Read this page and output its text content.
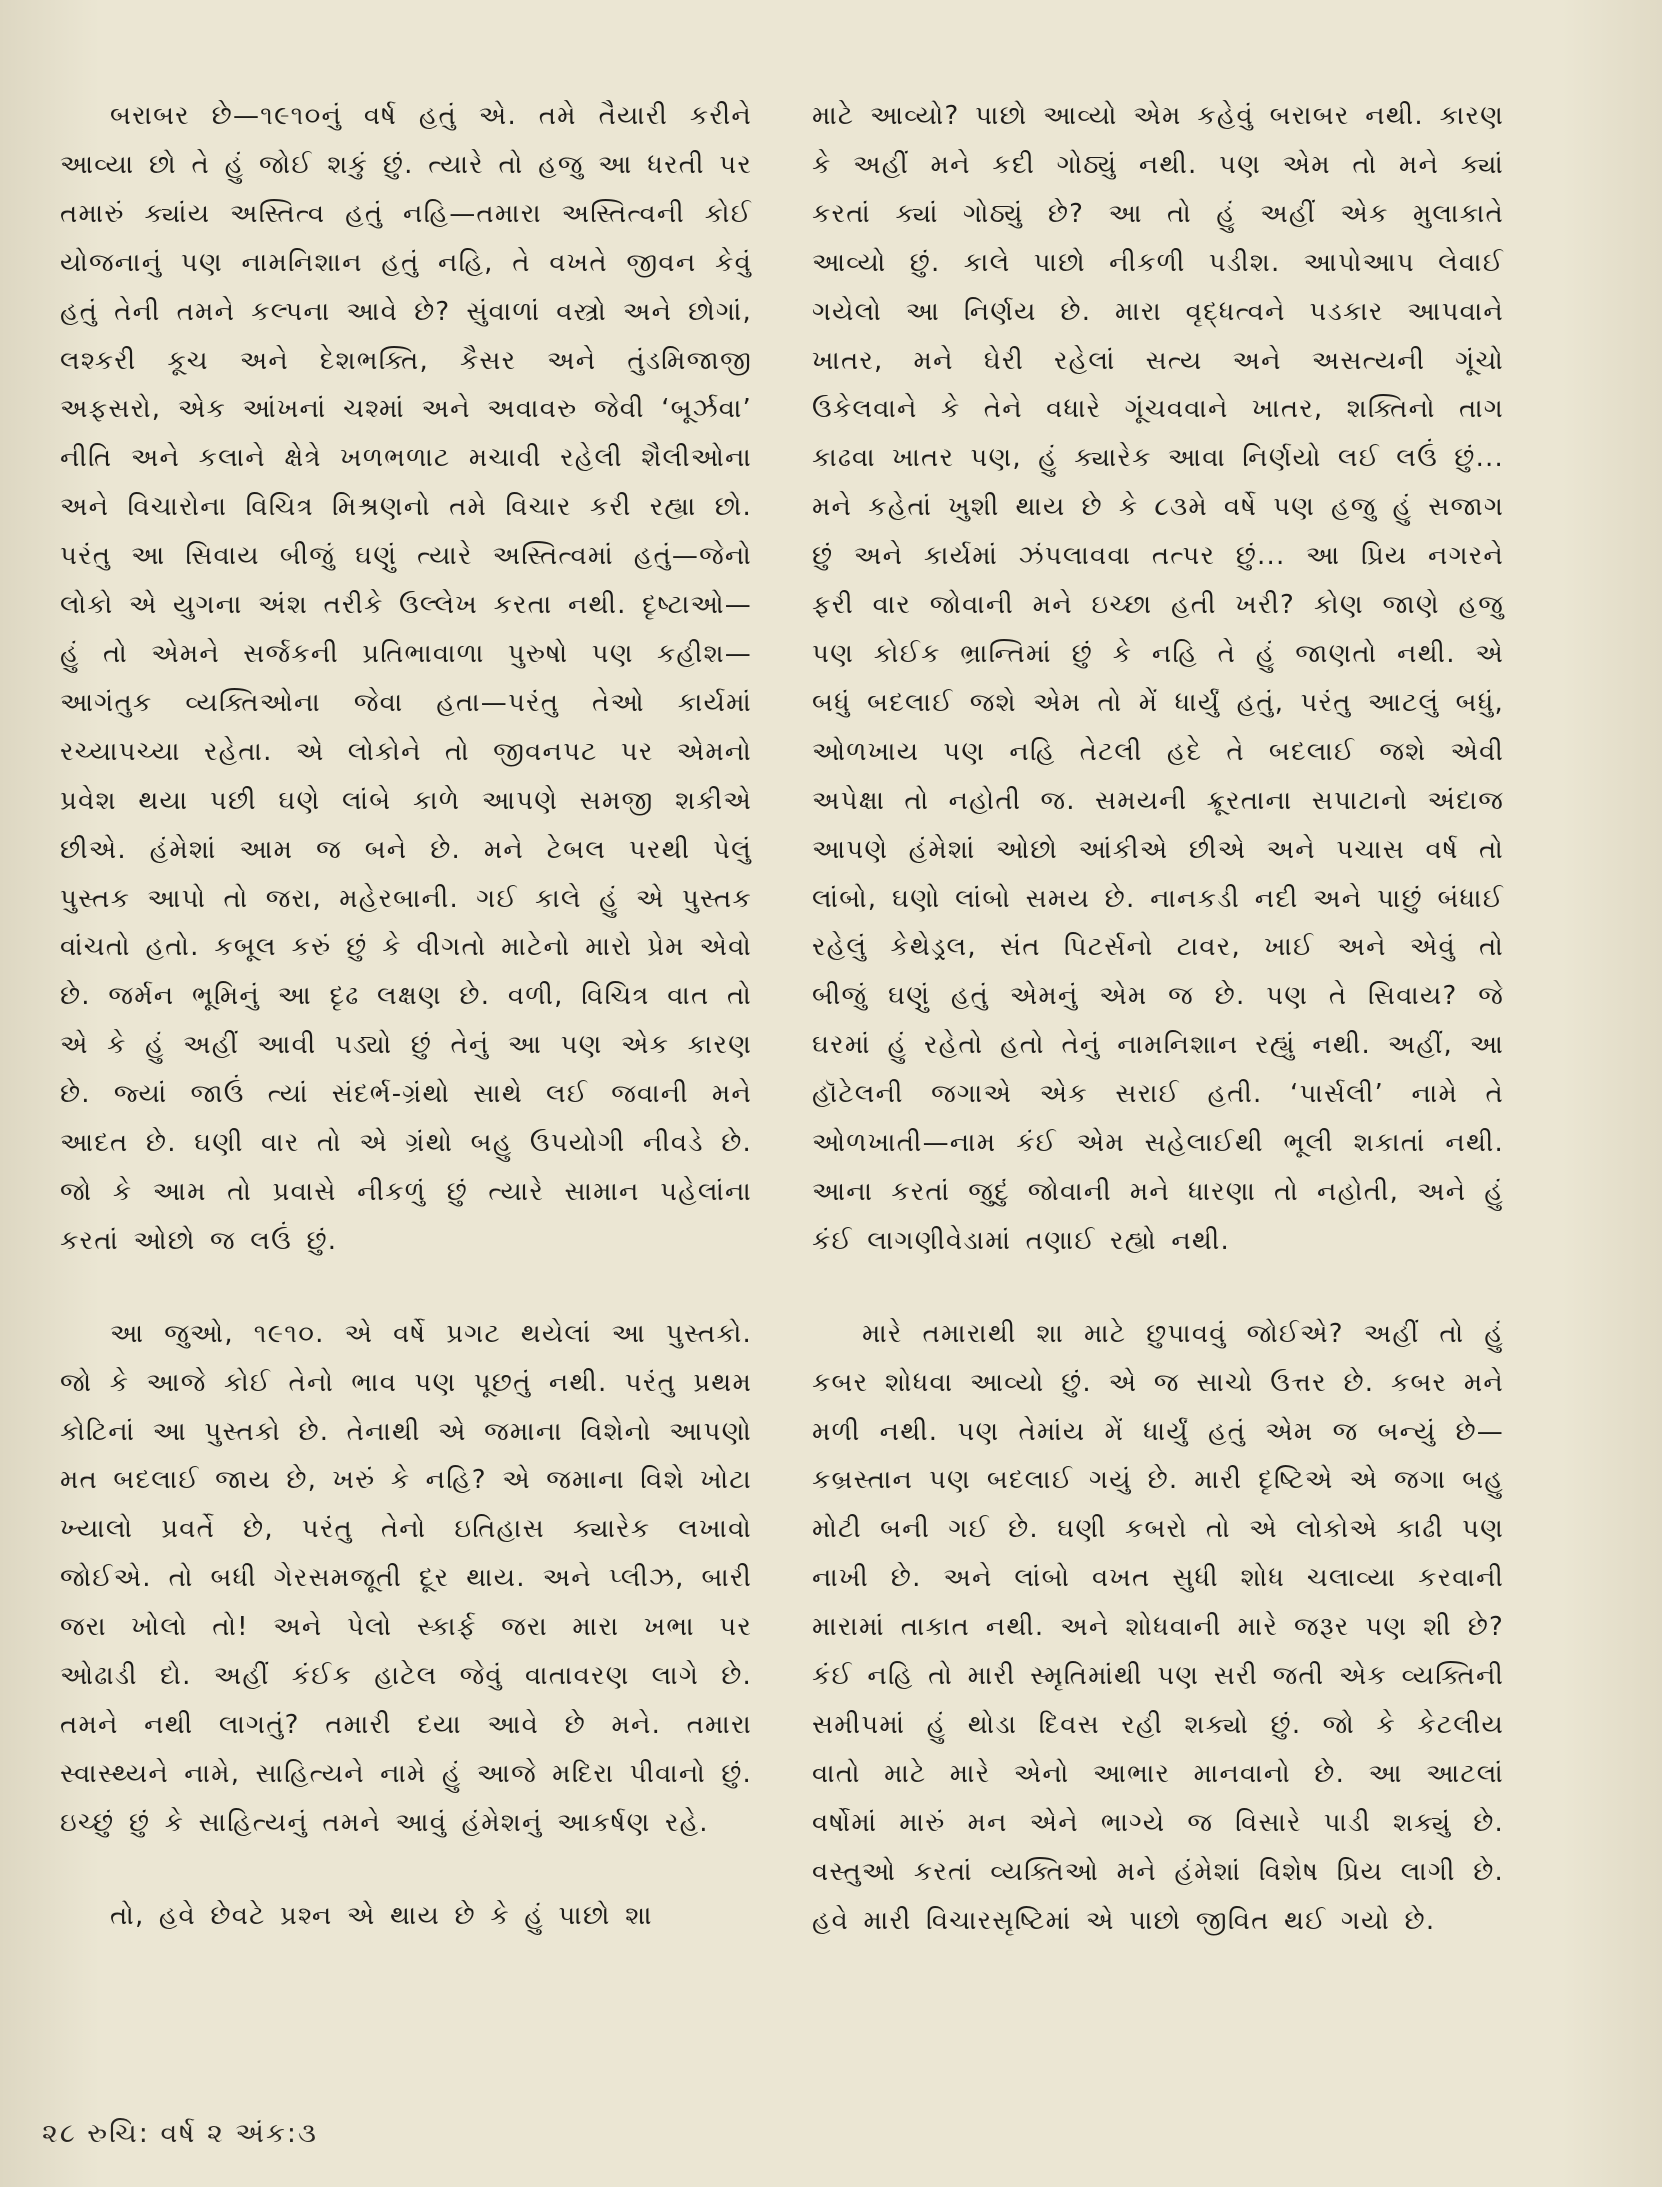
બરાબર છે—૧૯૧૦નું વર્ષ હતું એ. તમે તૈયારી કરીને આવ્યા છો તે હું જોઈ શકું છું. ત્યારે તો હજુ આ ધરતી પર તમારું ક્યાંય અસ્તિત્વ હતું નહિ—તમારા અસ્તિત્વની કોઈ યોજનાનું પણ નામનિશાન હતું નહિ, તે વખતે જીવન કેવું હતું તેની તમને કલ્પના આવે છે? સુંવાળાં વસ્ત્રો અને છોગાં, લશ્કરી કૂચ અને દેશભક્તિ, કૈસર અને તુંડમિજાજી અફસરો, એક આંખનાં ચશ્માં અને અવાવરુ જેવી ‘બૂર્ઝવા’ નીતિ અને કલાને ક્ષેત્રે ખળભળાટ મચાવી રહેલી શૈલીઓના અને વિચારોના વિચિત્ર મિશ્રણનો તમે વિચાર કરી રહ્યા છો. પરંતુ આ સિવાય બીજું ઘણું ત્યારે અસ્તિત્વમાં હતું—જેનો લોકો એ યુગના અંશ તરીકે ઉલ્લેખ કરતા નથી. દૃષ્ટાઓ—હું તો એમને સર્જકની પ્રતિભાવાળા પુરુષો પણ કહીશ—આગંતુક વ્યક્તિઓના જેવા હતા—પરંતુ તેઓ કાર્યમાં રચ્યાપચ્યા રહેતા. એ લોકોને તો જીવનપટ પર એમનો પ્રવેશ થયા પછી ઘણે લાંબે કાળે આપણે સમજી શકીએ છીએ. હંમેશાં આમ જ બને છે. મને ટેબલ પરથી પેલું પુસ્તક આપો તો જરા, મહેરબાની. ગઈ કાલે હું એ પુસ્તક વાંચતો હતો. કબૂલ કરું છું કે વીગતો માટેનો મારો પ્રેમ એવો છે. જર્મન ભૂમિનું આ દૃઢ લક્ષણ છે. વળી, વિચિત્ર વાત તો એ કે હું અહીં આવી પડ્યો છું તેનું આ પણ એક કારણ છે. જ્યાં જાઉં ત્યાં સંદર્ભ-ગ્રંથો સાથે લઈ જવાની મને આદત છે. ઘણી વાર તો એ ગ્રંથો બહુ ઉપયોગી નીવડે છે. જો કે આમ તો પ્રવાસે નીકળું છું ત્યારે સામાન પહેલાંના કરતાં ઓછો જ લઉં છું.

આ જુઓ, ૧૯૧૦. એ વર્ષે પ્રગટ થયેલાં આ પુસ્તકો. જો કે આજે કોઈ તેનો ભાવ પણ પૂછતું નથી. પરંતુ પ્રથમ કોટિનાં આ પુસ્તકો છે. તેનાથી એ જમાના વિશેનો આપણો મત બદલાઈ જાય છે, ખરું કે નહિ? એ જમાના વિશે ખોટા ખ્યાલો પ્રવર્તે છે, પરંતુ તેનો ઇતિહાસ ક્યારેક લખાવો જોઈએ. તો બધી ગેરસમજૂતી દૂર થાય. અને પ્લીઝ, બારી જરા ખોલો તો! અને પેલો સ્કાર્ફ જરા મારા ખભા પર ઓઢાડી દો. અહીં કંઈક હાટેલ જેવું વાતાવરણ લાગે છે. તમને નથી લાગતું? તમારી દયા આવે છે મને. તમારા સ્વાસ્થ્યને નામે, સાહિત્યને નામે હું આજે મદિરા પીવાનો છું. ઇચ્છું છું કે સાહિત્યનું તમને આવું હંમેશનું આકર્ષણ રહે.

તો, હવે છેવટે પ્રશ્ન એ થાય છે કે હું પાછો શા

માટે આવ્યો? પાછો આવ્યો એમ કહેવું બરાબર નથી. કારણ કે અહીં મને કદી ગોઠ્યું નથી. પણ એમ તો મને ક્યાં કરતાં ક્યાં ગોઠ્યું છે? આ તો હું અહીં એક મુલાકાતે આવ્યો છું. કાલે પાછો નીકળી પડીશ. આપોઆપ લેવાઈ ગયેલો આ નિર્ણય છે. મારા વૃદ્ધત્વને પડકાર આપવાને ખાતર, મને ઘેરી રહેલાં સત્ય અને અસત્યની ગૂંચો ઉકેલવાને કે તેને વધારે ગૂંચવવાને ખાતર, શક્તિનો તાગ કાઢવા ખાતર પણ, હું ક્યારેક આવા નિર્ણયો લઈ લઉં છું... મને કહેતાં ખુશી થાય છે કે ૮૩મે વર્ષે પણ હજુ હું સજાગ છું અને કાર્યમાં ઝંપલાવવા તત્પર છું... આ પ્રિય નગરને ફરી વાર જોવાની મને ઇચ્છા હતી ખરી? કોણ જાણે હજુ પણ કોઈક ભ્રાન્તિમાં છું કે નહિ તે હું જાણતો નથી. એ બધું બદલાઈ જશે એમ તો મેં ધાર્યું હતું, પરંતુ આટલું બધું, ઓળખાય પણ નહિ તેટલી હદે તે બદલાઈ જશે એવી અપેક્ષા તો નહોતી જ. સમયની ક્રૂરતાના સપાટાનો અંદાજ આપણે હંમેશાં ઓછો આંકીએ છીએ અને પચાસ વર્ષ તો લાંબો, ઘણો લાંબો સમય છે. નાનકડી નદી અને પાછું બંધાઈ રહેલું કેથેડ્રલ, સંત પિટર્સનો ટાવર, ખાઈ અને એવું તો બીજું ઘણું હતું એમનું એમ જ છે. પણ તે સિવાય? જે ઘરમાં હું રહેતો હતો તેનું નામનિશાન રહ્યું નથી. અહીં, આ હૉટેલની જગાએ એક સરાઈ હતી. ‘પાર્સલી’ નામે તે ઓળખાતી—નામ કંઈ એમ સહેલાઈથી ભૂલી શકાતાં નથી. આના કરતાં જુદું જોવાની મને ધારણા તો નહોતી, અને હું કંઈ લાગણીવેડામાં તણાઈ રહ્યો નથી.

મારે તમારાથી શા માટે છુપાવવું જોઈએ? અહીં તો હું કબર શોધવા આવ્યો છું. એ જ સાચો ઉત્તર છે. કબર મને મળી નથી. પણ તેમાંય મેં ધાર્યું હતું એમ જ બન્યું છે—કબ્રસ્તાન પણ બદલાઈ ગયું છે. મારી દૃષ્ટિએ એ જગા બહુ મોટી બની ગઈ છે. ઘણી કબરો તો એ લોકોએ કાઢી પણ નાખી છે. અને લાંબો વખત સુધી શોધ ચલાવ્યા કરવાની મારામાં તાકાત નથી. અને શોધવાની મારે જરૂર પણ શી છે? કંઈ નહિ તો મારી સ્મૃતિમાંથી પણ સરી જતી એક વ્યક્તિની સમીપમાં હું થોડા દિવસ રહી શક્યો છું. જો કે કેટલીય વાતો માટે મારે એનો આભાર માનવાનો છે. આ આટલાં વર્ષોમાં મારું મન એને ભાગ્યે જ વિસારે પાડી શક્યું છે. વસ્તુઓ કરતાં વ્યક્તિઓ મને હંમેશાં વિશેષ પ્રિય લાગી છે. હવે મારી વિચારસૃષ્ટિમાં એ પાછો જીવિત થઈ ગયો છે.

૨૮ રુચિ: વર્ષ ૨ અંક:૩
